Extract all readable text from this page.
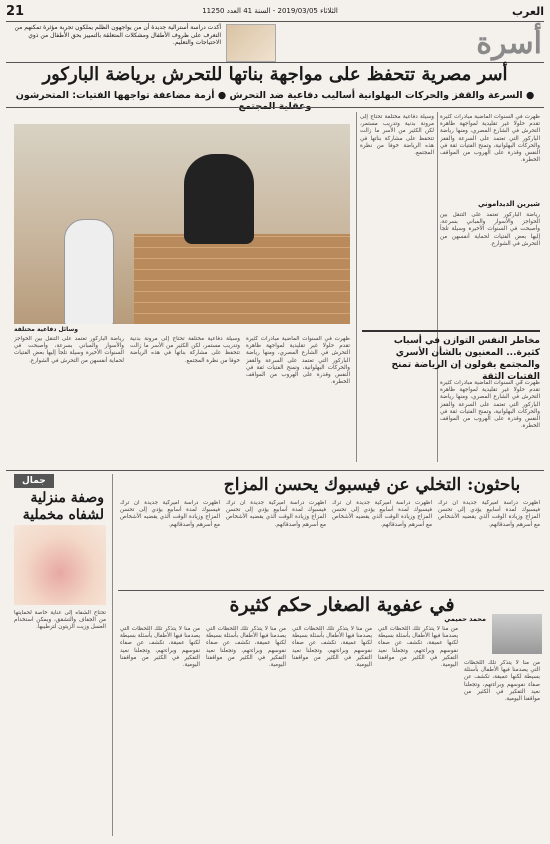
21	الثلاثاء 2019/03/05 - السنة 41 العدد 11250	العرب
أسرة
أكدت دراسة أسترالية جديدة أن من يواجهون الظلم يملكون تجربة مؤثرة تمكنهم من التعرف على ظروف الأطفال ومشكلات المتعلقة بالتمييز بحق الأطفال من ذوي الاحتياجات والتعليم.
أسر مصرية تتحفظ على مواجهة بناتها للتحرش برياضة الباركور
● السرعة والقفز والحركات البهلوانية أساليب دفاعية ضد التحرش ● أزمة مضاعفة تواجهها الفتيات: المتحرشون
ظهرت في السنوات الماضية مبادرات كثيرة تقدم حلولا غير تقليدية لمواجهة ظاهرة التحرش في الشارع المصري، ومنها رياضة الباركور التي تعتمد على السرعة والقفز والحركات البهلوانية، وتمنح الفتيات ثقة في النفس وقدرة على الهروب من المواقف الخطرة.
شيرين الديداموني
رياضة الباركور تعتمد على التنقل بين الحواجز والأسوار والمباني بسرعة، وأصبحت في السنوات الأخيرة وسيلة تلجأ إليها بعض الفتيات لحماية أنفسهن من التحرش في الشوارع.
وسيلة دفاعية مختلفة تحتاج إلى مرونة بدنية وتدريب مستمر، لكن الكثير من الأسر ما زالت تتحفظ على مشاركة بناتها في هذه الرياضة خوفا من نظرة المجتمع.
وسائل دفاعية مختلفة
رياضة الباركور تعتمد على التنقل بين الحواجز والأسوار والمباني بسرعة، وأصبحت في السنوات الأخيرة وسيلة تلجأ إليها بعض الفتيات لحماية أنفسهن من التحرش في الشوارع.
وسيلة دفاعية مختلفة تحتاج إلى مرونة بدنية وتدريب مستمر، لكن الكثير من الأسر ما زالت تتحفظ على مشاركة بناتها في هذه الرياضة خوفا من نظرة المجتمع.
ظهرت في السنوات الماضية مبادرات كثيرة تقدم حلولا غير تقليدية لمواجهة ظاهرة التحرش في الشارع المصري، ومنها رياضة الباركور التي تعتمد على السرعة والقفز والحركات البهلوانية، وتمنح الفتيات ثقة في النفس وقدرة على الهروب من المواقف الخطرة.
مخاطر النفس التوازن في أسباب كثيرة... المعنيون بالشأن الأسري والمجتمع يقولون إن الرياضة تمنح الفتيات الثقة
ظهرت في السنوات الماضية مبادرات كثيرة تقدم حلولا غير تقليدية لمواجهة ظاهرة التحرش في الشارع المصري، ومنها رياضة الباركور التي تعتمد على السرعة والقفز والحركات البهلوانية، وتمنح الفتيات ثقة في النفس وقدرة على الهروب من المواقف الخطرة.
جمال
وصفة منزلية لشفاه مخملية
تحتاج الشفاه إلى عناية خاصة لحمايتها من الجفاف والتشقق، ويمكن استخدام العسل وزيت الزيتون لترطيبها.
باحثون: التخلي عن فيسبوك يحسن المزاج
أظهرت دراسة أميركية جديدة أن ترك فيسبوك لمدة أسابيع يؤدي إلى تحسن المزاج وزيادة الوقت الذي يقضيه الأشخاص مع أسرهم وأصدقائهم.
أظهرت دراسة أميركية جديدة أن ترك فيسبوك لمدة أسابيع يؤدي إلى تحسن المزاج وزيادة الوقت الذي يقضيه الأشخاص مع أسرهم وأصدقائهم.
أظهرت دراسة أميركية جديدة أن ترك فيسبوك لمدة أسابيع يؤدي إلى تحسن المزاج وزيادة الوقت الذي يقضيه الأشخاص مع أسرهم وأصدقائهم.
أظهرت دراسة أميركية جديدة أن ترك فيسبوك لمدة أسابيع يؤدي إلى تحسن المزاج وزيادة الوقت الذي يقضيه الأشخاص مع أسرهم وأصدقائهم.
في عفوية الصغار حكم كثيرة
محمد حميمي
من منا لا يتذكر تلك اللحظات التي يصدمنا فيها الأطفال بأسئلة بسيطة لكنها عميقة، تكشف عن صفاء نفوسهم وبراءتهم، وتجعلنا نعيد التفكير في الكثير من مواقفنا اليومية.
من منا لا يتذكر تلك اللحظات التي يصدمنا فيها الأطفال بأسئلة بسيطة لكنها عميقة، تكشف عن صفاء نفوسهم وبراءتهم، وتجعلنا نعيد التفكير في الكثير من مواقفنا اليومية.
من منا لا يتذكر تلك اللحظات التي يصدمنا فيها الأطفال بأسئلة بسيطة لكنها عميقة، تكشف عن صفاء نفوسهم وبراءتهم، وتجعلنا نعيد التفكير في الكثير من مواقفنا اليومية.
من منا لا يتذكر تلك اللحظات التي يصدمنا فيها الأطفال بأسئلة بسيطة لكنها عميقة، تكشف عن صفاء نفوسهم وبراءتهم، وتجعلنا نعيد التفكير في الكثير من مواقفنا اليومية. من منا لا يتذكر تلك اللحظات التي يصدمنا فيها الأطفال بأسئلة بسيطة لكنها عميقة، تكشف عن صفاء نفوسهم وبراءتهم، وتجعلنا نعيد التفكير في الكثير من مواقفنا اليومية.
